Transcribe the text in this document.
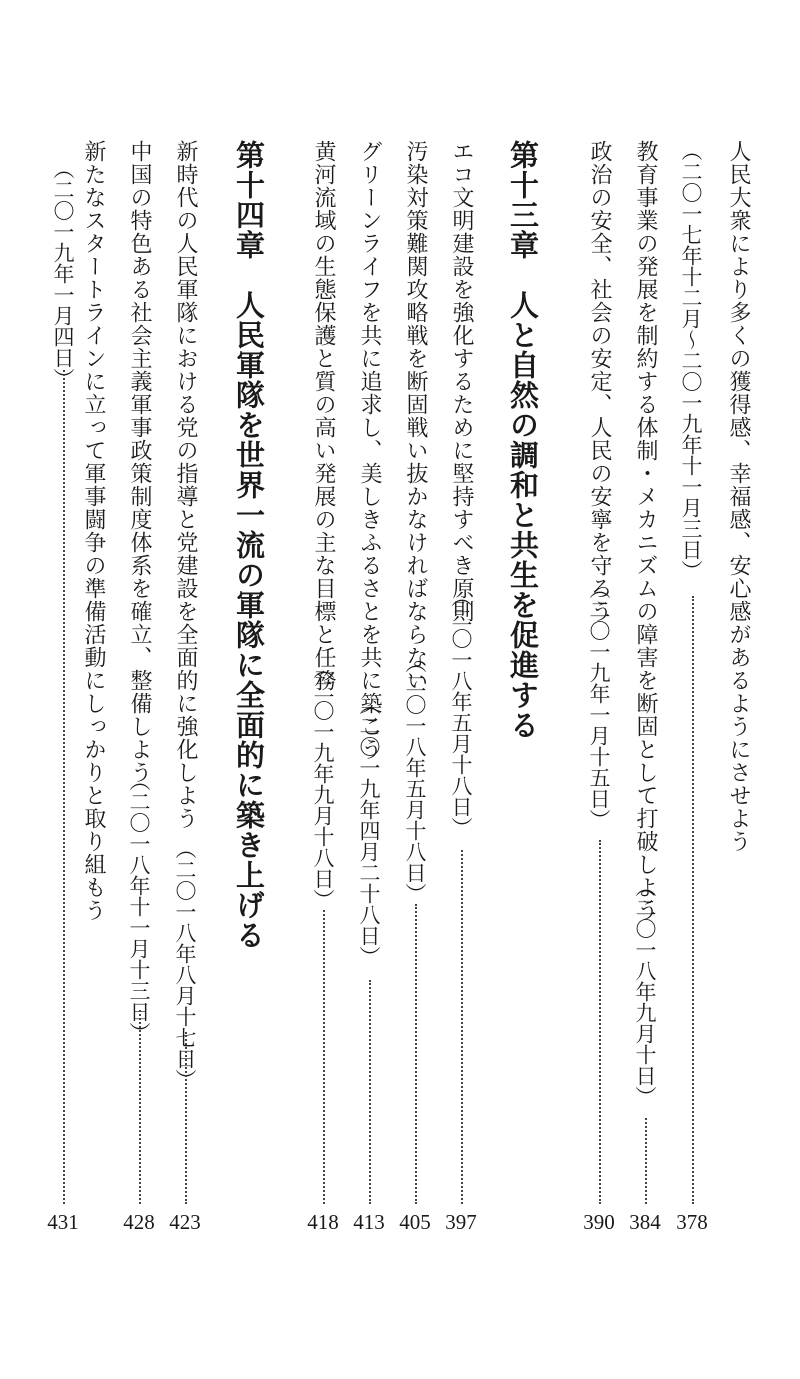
人民大衆により多くの獲得感、幸福感、安心感があるようにさせよう

（二〇一七年十二月～二〇一九年十一月三日）

378

教育事業の発展を制約する体制・メカニズムの障害を断固として打破しよう

（二〇一八年九月十日）

384

政治の安全、社会の安定、人民の安寧を守ろう

（二〇一九年一月十五日）

390

第十三章　人と自然の調和と共生を促進する

エコ文明建設を強化するために堅持すべき原則

（二〇一八年五月十八日）

397

汚染対策難関攻略戦を断固戦い抜かなければならない

（二〇一八年五月十八日）

405

グリーンライフを共に追求し、美しきふるさとを共に築こう

（二〇一九年四月二十八日）

413

黄河流域の生態保護と質の高い発展の主な目標と任務

（二〇一九年九月十八日）

418

第十四章　人民軍隊を世界一流の軍隊に全面的に築き上げる

新時代の人民軍隊における党の指導と党建設を全面的に強化しよう

（二〇一八年八月十七日）

423

中国の特色ある社会主義軍事政策制度体系を確立、整備しよう

（二〇一八年十一月十三日）

428

新たなスタートラインに立って軍事闘争の準備活動にしっかりと取り組もう

（二〇一九年一月四日）

431
